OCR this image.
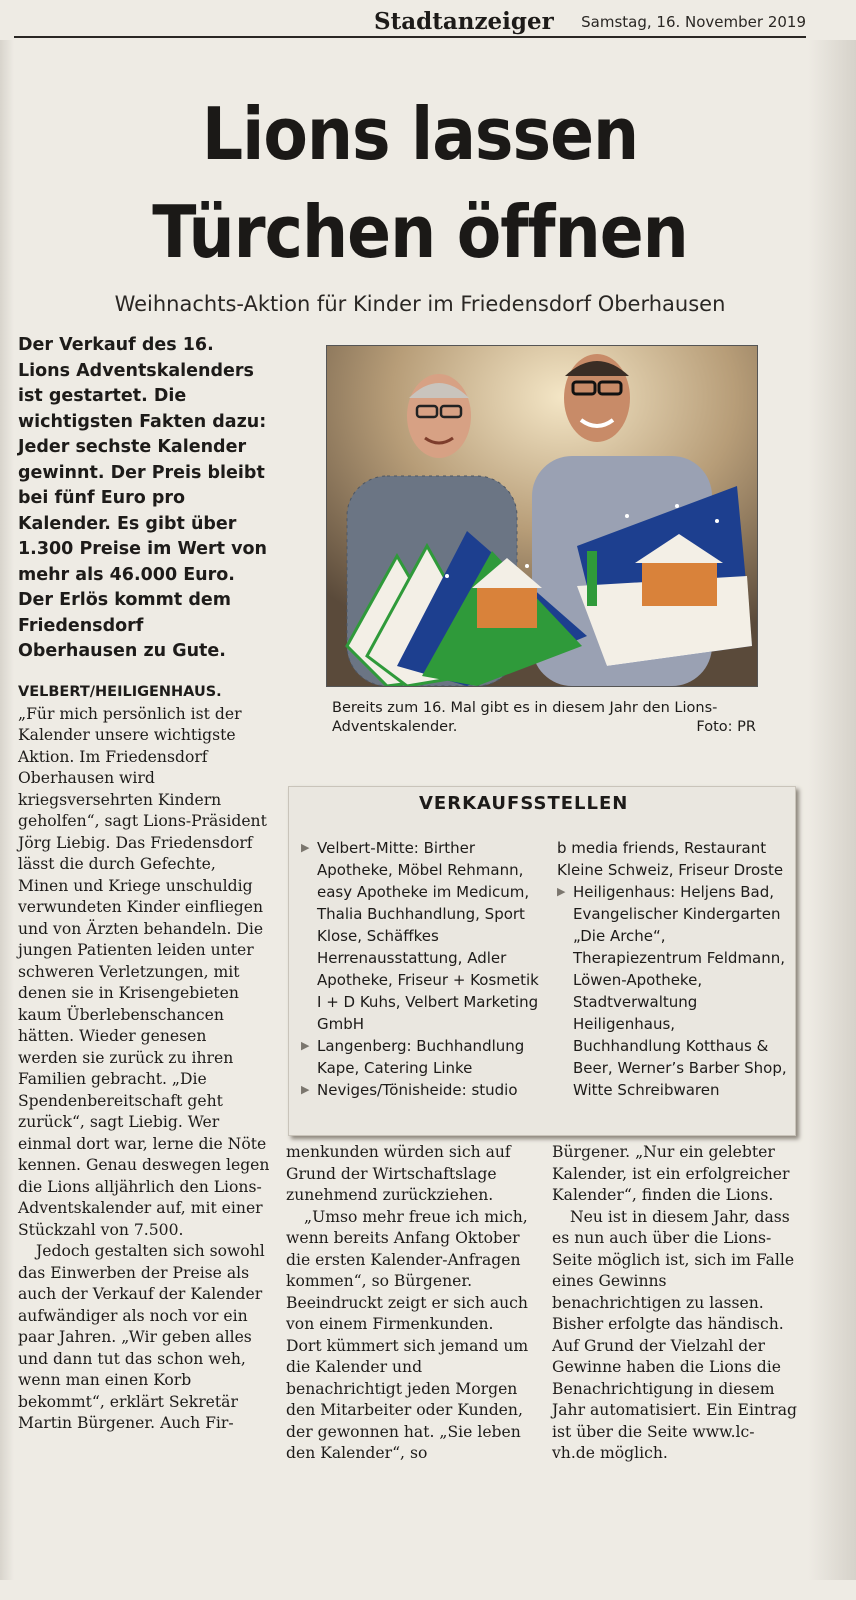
Stadtanzeiger Samstag, 16. November 2019
Lions lassen
Türchen öffnen
Weihnachts-Aktion für Kinder im Friedensdorf Oberhausen
Der Verkauf des 16. Lions Adventskalenders ist gestartet. Die wichtigsten Fakten dazu: Jeder sechste Kalender gewinnt. Der Preis bleibt bei fünf Euro pro Kalender. Es gibt über 1.300 Preise im Wert von mehr als 46.000 Euro. Der Erlös kommt dem Friedensdorf Oberhausen zu Gute.
Bereits zum 16. Mal gibt es in diesem Jahr den Lions-Adventskalender.	Foto: PR
VERKAUFSSTELLEN
▶ Velbert-Mitte: Birther Apotheke, Möbel Rehmann, easy Apotheke im Medicum, Thalia Buchhandlung, Sport Klose, Schäffkes Herrenausstattung, Adler Apotheke, Friseur + Kosmetik I + D Kuhs, Velbert Marketing GmbH
▶ Langenberg: Buchhandlung Kape, Catering Linke
▶ Neviges/Tönisheide: studio
b media friends, Restaurant Kleine Schweiz, Friseur Droste
▶ Heiligenhaus: Heljens Bad, Evangelischer Kindergarten „Die Arche“, Therapiezentrum Feldmann, Löwen-Apotheke, Stadtverwaltung Heiligenhaus, Buchhandlung Kotthaus & Beer, Werner’s Barber Shop, Witte Schreibwaren

VELBERT/HEILIGENHAUS.

„Für mich persönlich ist der Kalender unsere wichtigste Aktion. Im Friedensdorf Oberhausen wird kriegsversehrten Kindern geholfen“, sagt Lions-Präsident Jörg Liebig. Das Friedensdorf lässt die durch Gefechte, Minen und Kriege unschuldig verwundeten Kinder einfliegen und von Ärzten behandeln. Die jungen Patienten leiden unter schweren Verletzungen, mit denen sie in Krisengebieten kaum Überlebenschancen hätten. Wieder genesen werden sie zurück zu ihren Familien gebracht. „Die Spendenbereitschaft geht zurück“, sagt Liebig. Wer einmal dort war, lerne die Nöte kennen. Genau deswegen legen die Lions alljährlich den Lions-Adventskalender auf, mit einer Stückzahl von 7.500.

Jedoch gestalten sich sowohl das Einwerben der Preise als auch der Verkauf der Kalender aufwändiger als noch vor ein paar Jahren. „Wir geben alles und dann tut das schon weh, wenn man einen Korb bekommt“, erklärt Sekretär Martin Bürgener. Auch Fir-

menkunden würden sich auf Grund der Wirtschaftslage zunehmend zurückziehen.

„Umso mehr freue ich mich, wenn bereits Anfang Oktober die ersten Kalender-Anfragen kommen“, so Bürgener. Beeindruckt zeigt er sich auch von einem Firmenkunden. Dort kümmert sich jemand um die Kalender und benachrichtigt jeden Morgen den Mitarbeiter oder Kunden, der gewonnen hat. „Sie leben den Kalender“, so

Bürgener. „Nur ein gelebter Kalender, ist ein erfolgreicher Kalender“, finden die Lions.

Neu ist in diesem Jahr, dass es nun auch über die Lions-Seite möglich ist, sich im Falle eines Gewinns benachrichtigen zu lassen. Bisher erfolgte das händisch. Auf Grund der Vielzahl der Gewinne haben die Lions die Benachrichtigung in diesem Jahr automatisiert. Ein Eintrag ist über die Seite www.lc-vh.de möglich.
